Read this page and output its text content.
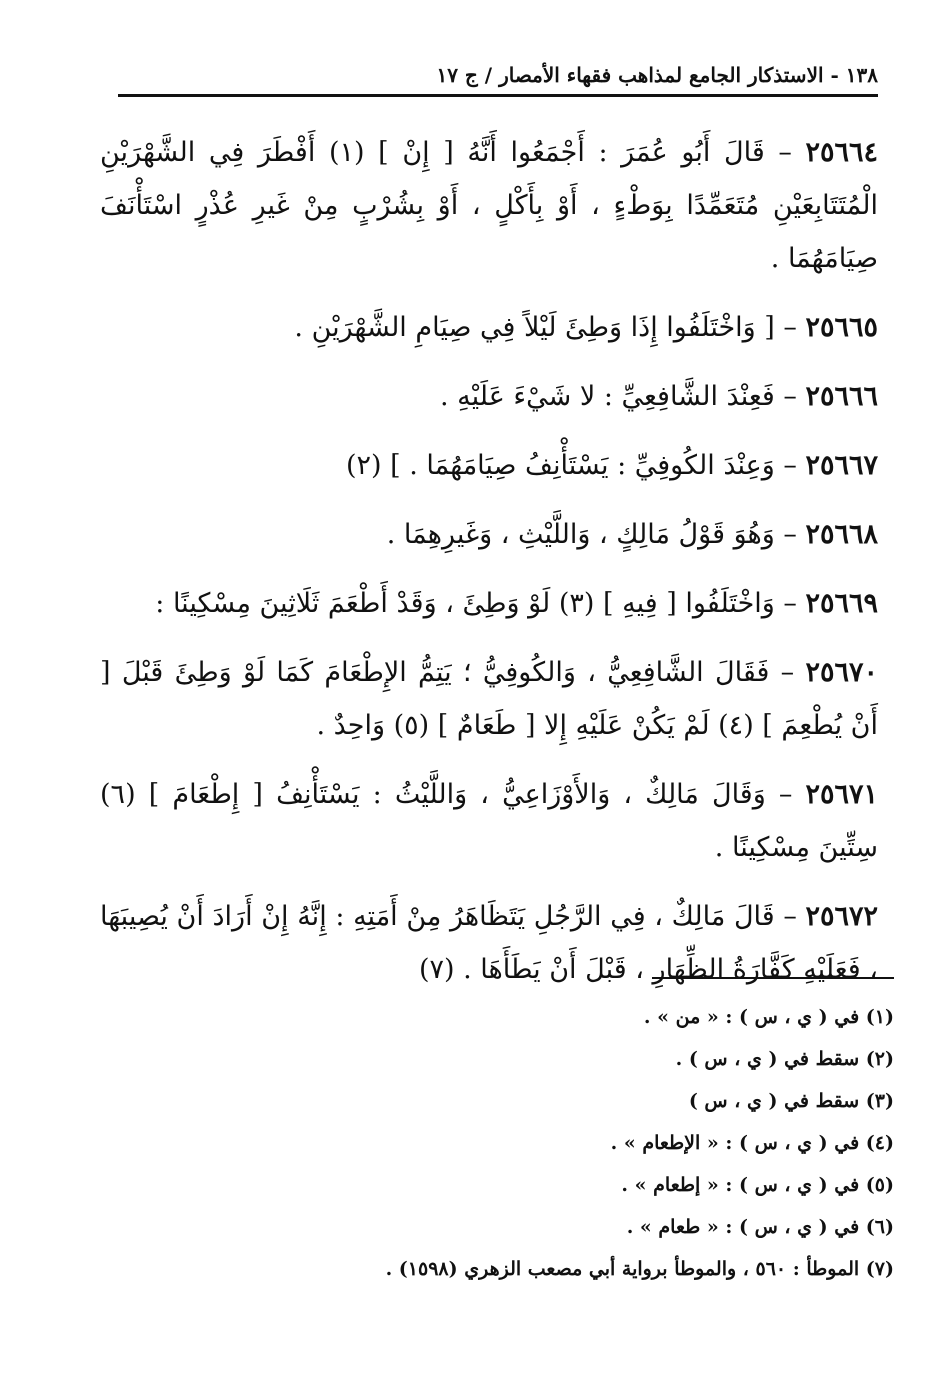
١٣٨ - الاستذكار الجامع لمذاهب فقهاء الأمصار / ج ١٧

٢٥٦٦٤ – قَالَ أَبُو عُمَرَ : أَجْمَعُوا أَنَّهُ [ إِنْ ] (١) أَفْطَرَ فِي الشَّهْرَيْنِ الْمُتَتَابِعَيْنِ مُتَعَمِّدًا بِوَطْءٍ ، أَوْ بِأَكْلٍ ، أَوْ بِشُرْبٍ مِنْ غَيرِ عُذْرٍ اسْتَأْنَفَ صِيَامَهُمَا .

٢٥٦٦٥ – [ وَاخْتَلَفُوا إِذَا وَطِئَ لَيْلاً فِي صِيَامِ الشَّهْرَيْنِ .

٢٥٦٦٦ – فَعِنْدَ الشَّافِعِيِّ : لا شَيْءَ عَلَيْهِ .

٢٥٦٦٧ – وَعِنْدَ الكُوفِيِّ : يَسْتَأْنِفُ صِيَامَهُمَا . ] (٢)

٢٥٦٦٨ – وَهُوَ قَوْلُ مَالِكٍ ، وَاللَّيْثِ ، وَغَيرِهِمَا .

٢٥٦٦٩ – وَاخْتَلَفُوا [ فِيهِ ] (٣) لَوْ وَطِئَ ، وَقَدْ أَطْعَمَ ثَلَاثِينَ مِسْكِينًا :

٢٥٦٧٠ – فَقَالَ الشَّافِعِيُّ ، وَالكُوفِيُّ ؛ يَتِمُّ الإِطْعَامَ كَمَا لَوْ وَطِئَ قَبْلَ [ أَنْ يُطْعِمَ ] (٤) لَمْ يَكُنْ عَلَيْهِ إِلا [ طَعَامٌ ] (٥) وَاحِدٌ .

٢٥٦٧١ – وَقَالَ مَالِكٌ ، وَالأَوْزَاعِيُّ ، وَاللَّيْثُ : يَسْتَأْنِفُ [ إِطْعَامَ ] (٦) سِتِّينَ مِسْكِينًا .

٢٥٦٧٢ – قَالَ مَالِكٌ ، فِي الرَّجُلِ يَتَظَاهَرُ مِنْ أَمَتِهِ : إِنَّهُ إِنْ أَرَادَ أَنْ يُصِيبَهَا ، فَعَلَيْهِ كَفَّارَةُ الظِّهَارِ ، قَبْلَ أَنْ يَطَأَهَا . (٧)

(١) في ( ي ، س ) : « من » .
(٢) سقط في ( ي ، س ) .
(٣) سقط في ( ي ، س )
(٤) في ( ي ، س ) : « الإطعام » .
(٥) في ( ي ، س ) : « إطعام » .
(٦) في ( ي ، س ) : « طعام » .
(٧) الموطأ : ٥٦٠ ، والموطأ برواية أبي مصعب الزهري (١٥٩٨) .
